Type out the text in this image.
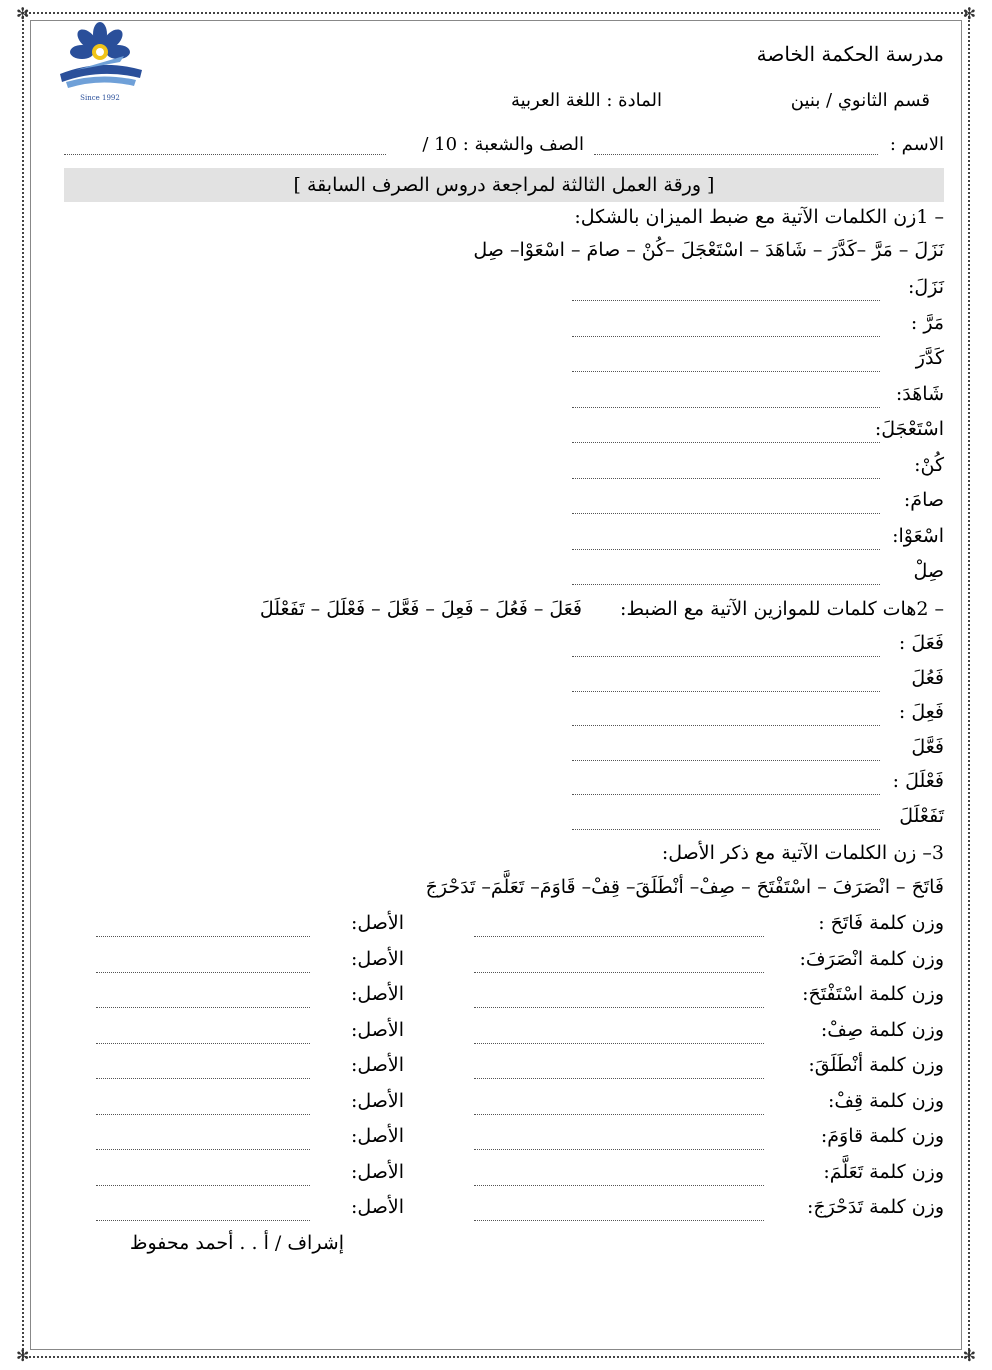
✻	✻
✻	✻
Since 1992
مدرسة الحكمة الخاصة
قسم الثانوي / بنين
المادة : اللغة العربية
الاسم :
الصف والشعبة : 10 /
[ ورقة العمل الثالثة لمراجعة دروس الصرف السابقة ]
– 1زن الكلمات الآتية مع ضبط الميزان بالشكل:
نَزَلَ – مَرَّ –كَدَّرَ – شَاهَدَ – اسْتَعْجَلَ –كُنْ – صامَ – اسْعَوْا– صِل
نَزَلَ:
مَرَّ :
كَدَّرَ
شَاهَدَ:
اسْتَعْجَلَ:
كُنْ:
صامَ:
اسْعَوْا:
صِلْ
– 2هات كلمات للموازين الآتية مع الضبط:
فَعَلَ – فَعُلَ – فَعِلَ – فَعَّلَ – فَعْلَلَ – تَفَعْلَلَ
فَعَلَ :
فَعُلَ
فَعِلَ :
فَعَّلَ
فَعْلَلَ :
تَفَعْلَلَ
3– زن الكلمات الآتية مع ذكر الأصل:
فَاتَحَ – انْصَرَفَ – اسْتَفْتَحَ – صِفْ– أنْطَلَقَ– قِفْ– قَاوَمَ– تَعَلَّمَ– تَدَحْرَجَ
وزن كلمة فَاتَحَ :
الأصل:
وزن كلمة انْصَرَفَ:
الأصل:
وزن كلمة اسْتَفْتَحَ:
الأصل:
وزن كلمة صِفْ:
الأصل:
وزن كلمة أنْطَلَقَ:
الأصل:
وزن كلمة قِفْ:
الأصل:
وزن كلمة قاوَمَ:
الأصل:
وزن كلمة تَعَلَّمَ:
الأصل:
وزن كلمة تَدَحْرَجَ:
الأصل:
إشراف / أ . . أحمد محفوظ
